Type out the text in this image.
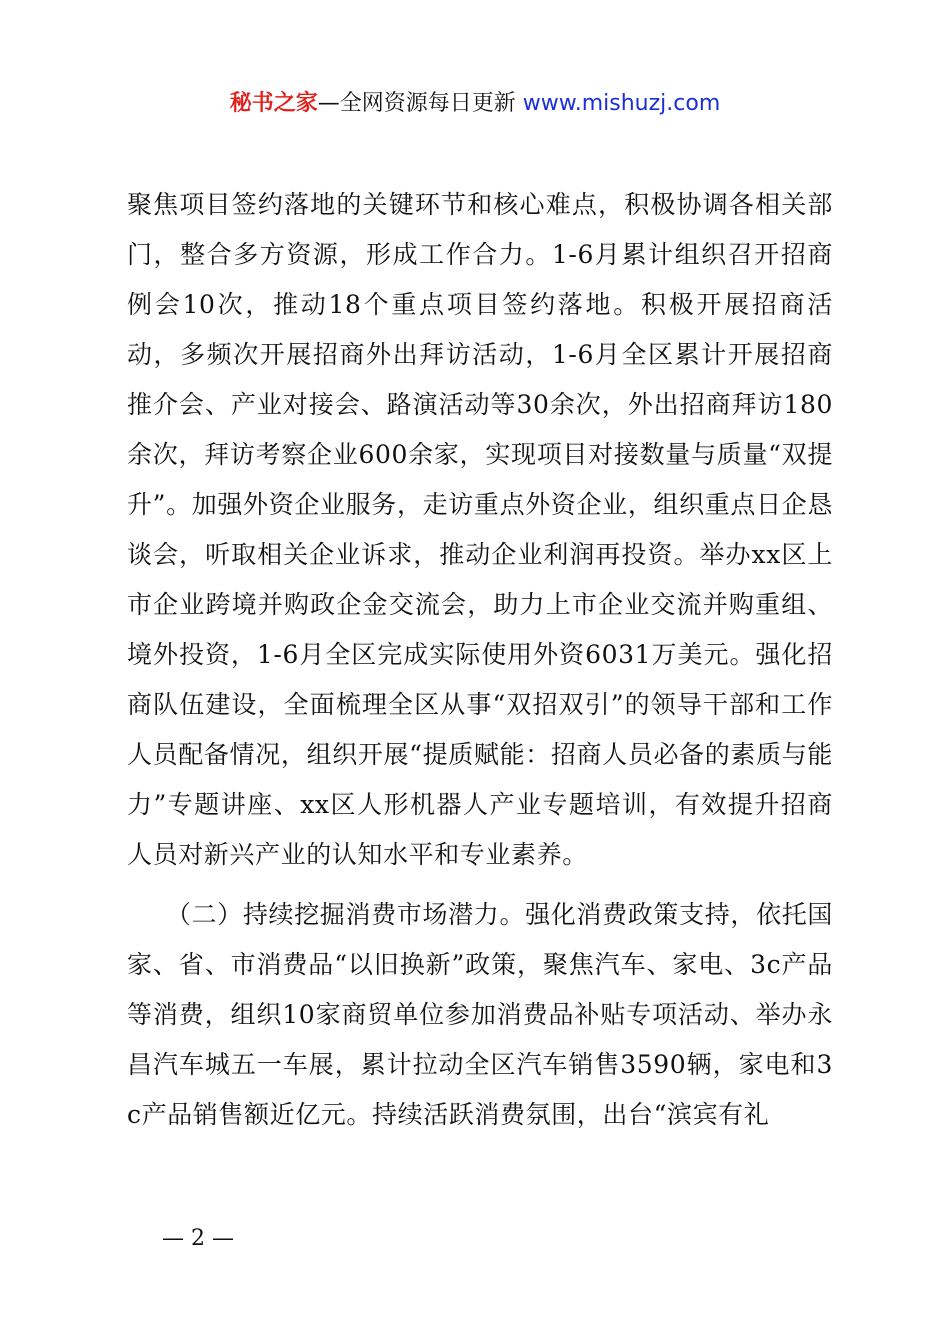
秘书之家—全网资源每日更新 www.mishuzj.com

聚焦项目签约落地的关键环节和核心难点，积极协调各相关部门，整合多方资源，形成工作合力。1-6月累计组织召开招商例会10次，推动18个重点项目签约落地。积极开展招商活动，多频次开展招商外出拜访活动，1-6月全区累计开展招商推介会、产业对接会、路演活动等30余次，外出招商拜访180余次，拜访考察企业600余家，实现项目对接数量与质量“双提升”。加强外资企业服务，走访重点外资企业，组织重点日企恳谈会，听取相关企业诉求，推动企业利润再投资。举办xx区上市企业跨境并购政企金交流会，助力上市企业交流并购重组、境外投资，1-6月全区完成实际使用外资6031万美元。强化招商队伍建设，全面梳理全区从事“双招双引”的领导干部和工作人员配备情况，组织开展“提质赋能：招商人员必备的素质与能力”专题讲座、xx区人形机器人产业专题培训，有效提升招商人员对新兴产业的认知水平和专业素养。

　　（二）持续挖掘消费市场潜力。强化消费政策支持，依托国家、省、市消费品“以旧换新”政策，聚焦汽车、家电、3c产品等消费，组织10家商贸单位参加消费品补贴专项活动、举办永昌汽车城五一车展，累计拉动全区汽车销售3590辆，家电和3c产品销售额近亿元。持续活跃消费氛围，出台“滨宾有礼

— 2 —
